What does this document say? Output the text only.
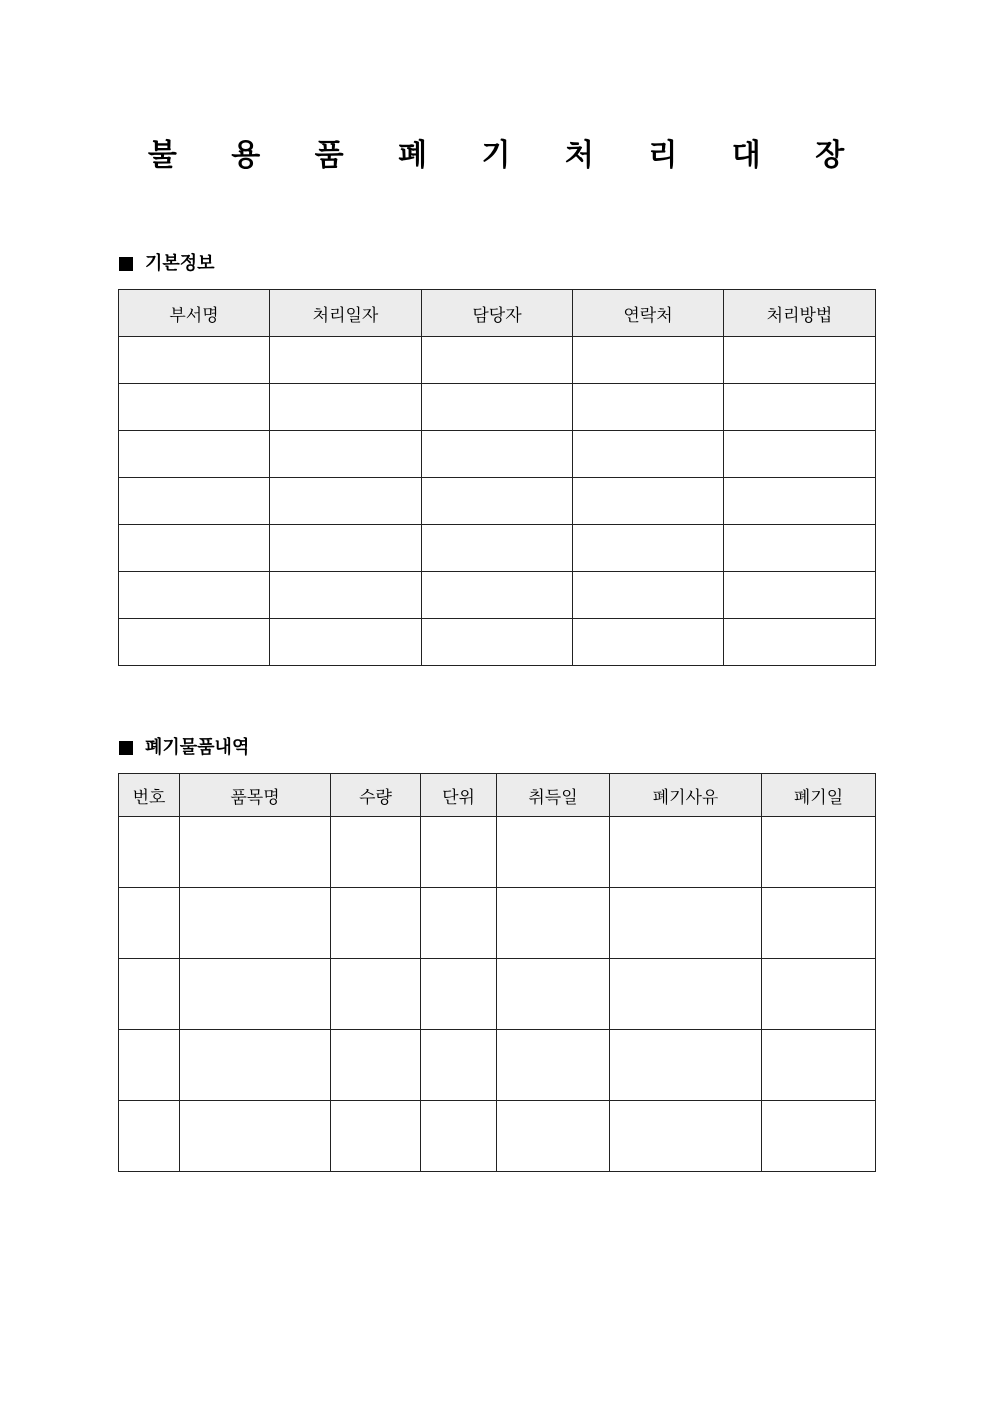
불 용 품 폐 기 처 리 대 장
기본정보
부서명	처리일자	담당자	연락처	처리방법

폐기물품내역
번호	품목명	수량	단위	취득일	폐기사유	폐기일
